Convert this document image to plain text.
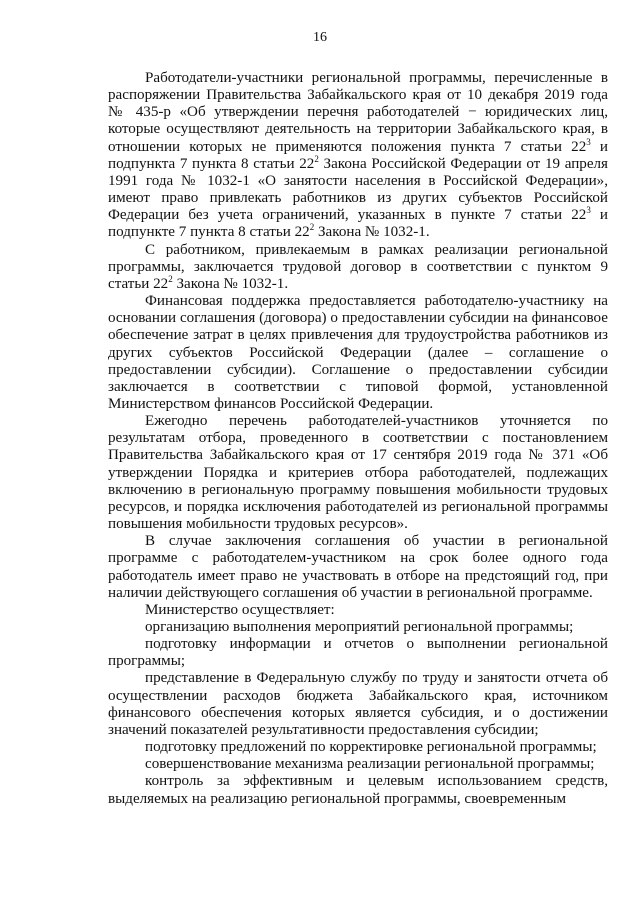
16

Работодатели-участники региональной программы, перечисленные в распоряжении Правительства Забайкальского края от 10 декабря 2019 года № 435-р «Об утверждении перечня работодателей − юридических лиц, которые осуществляют деятельность на территории Забайкальского края, в отношении которых не применяются положения пункта 7 статьи $22^3$ и подпункта 7 пункта 8 статьи $22^2$ Закона Российской Федерации от 19 апреля 1991 года № 1032-1 «О занятости населения в Российской Федерации», имеют право привлекать работников из других субъектов Российской Федерации без учета ограничений, указанных в пункте 7 статьи $22^3$ и подпункте 7 пункта 8 статьи $22^2$ Закона № 1032-1.

С работником, привлекаемым в рамках реализации региональной программы, заключается трудовой договор в соответствии с пунктом 9 статьи $22^2$ Закона № 1032-1.

Финансовая поддержка предоставляется работодателю-участнику на основании соглашения (договора) о предоставлении субсидии на финансовое обеспечение затрат в целях привлечения для трудоустройства работников из других субъектов Российской Федерации (далее – соглашение о предоставлении субсидии). Соглашение о предоставлении субсидии заключается в соответствии с типовой формой, установленной Министерством финансов Российской Федерации.

Ежегодно перечень работодателей-участников уточняется по результатам отбора, проведенного в соответствии с постановлением Правительства Забайкальского края от 17 сентября 2019 года № 371 «Об утверждении Порядка и критериев отбора работодателей, подлежащих включению в региональную программу повышения мобильности трудовых ресурсов, и порядка исключения работодателей из региональной программы повышения мобильности трудовых ресурсов».

В случае заключения соглашения об участии в региональной программе с работодателем-участником на срок более одного года работодатель имеет право не участвовать в отборе на предстоящий год, при наличии действующего соглашения об участии в региональной программе.

Министерство осуществляет:

организацию выполнения мероприятий региональной программы;

подготовку информации и отчетов о выполнении региональной программы;

представление в Федеральную службу по труду и занятости отчета об осуществлении расходов бюджета Забайкальского края, источником финансового обеспечения которых является субсидия, и о достижении значений показателей результативности предоставления субсидии;

подготовку предложений по корректировке региональной программы;

совершенствование механизма реализации региональной программы;

контроль за эффективным и целевым использованием средств, выделяемых на реализацию региональной программы, своевременным
